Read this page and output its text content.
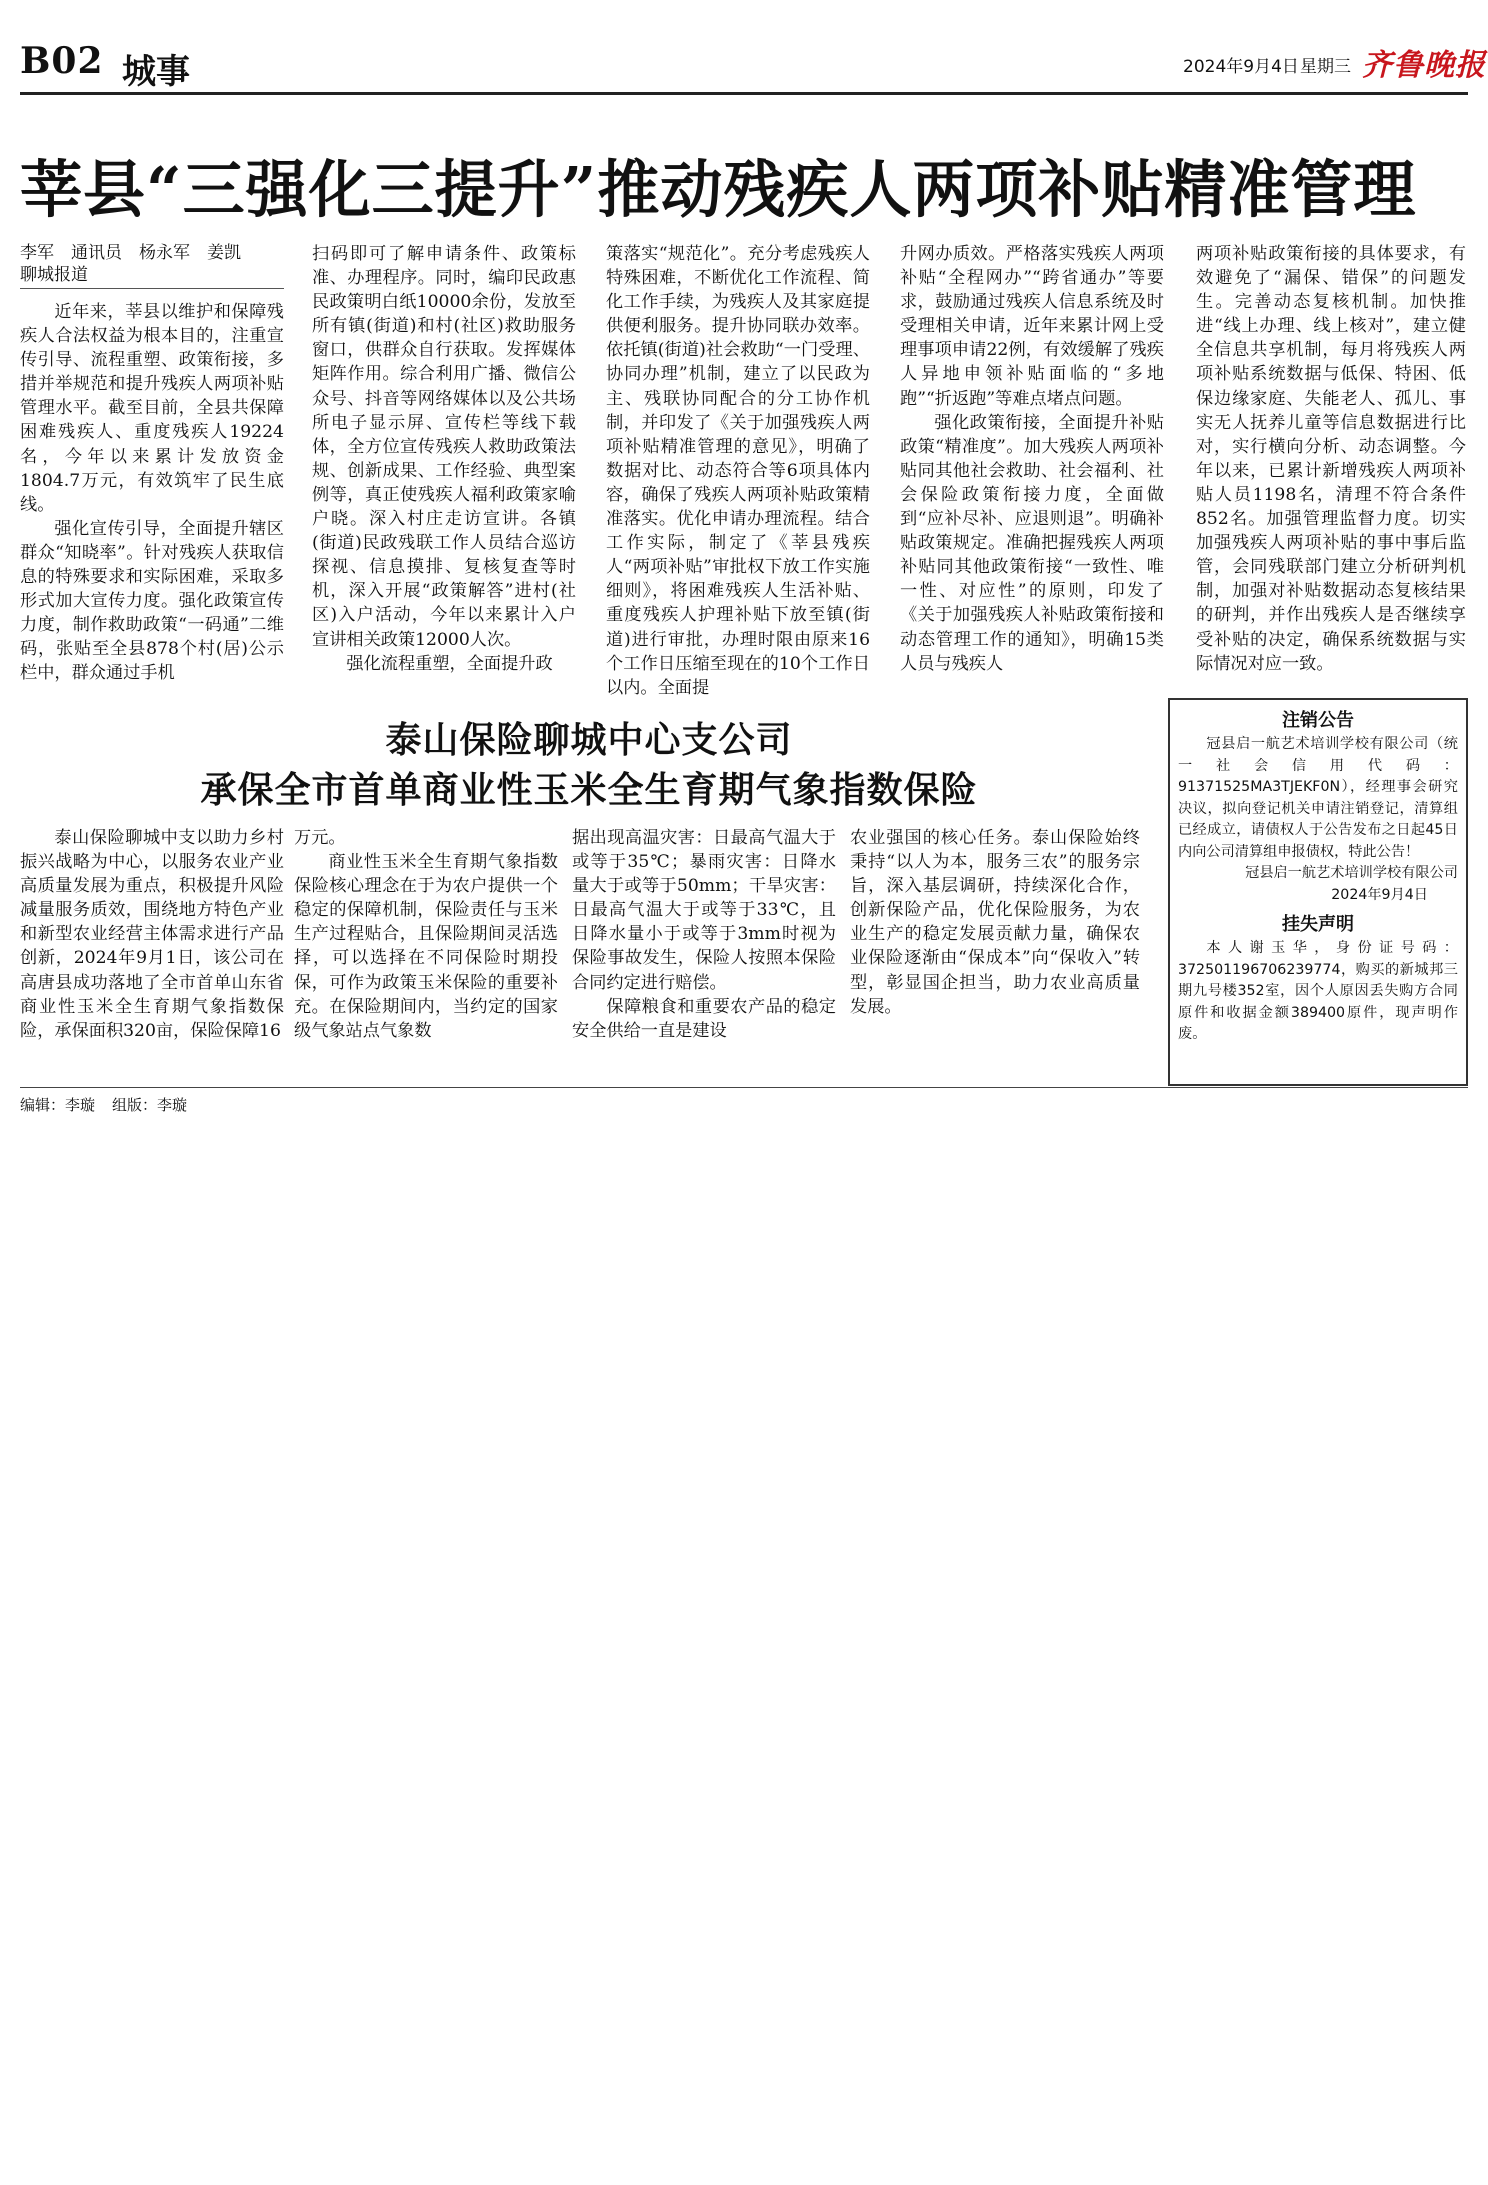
B02 城事	2024年9月4日 星期三 齐鲁晚报
莘县“三强化三提升”推动残疾人两项补贴精准管理
李军　通讯员　杨永军　姜凯
聊城报道

近年来，莘县以维护和保障残疾人合法权益为根本目的，注重宣传引导、流程重塑、政策衔接，多措并举规范和提升残疾人两项补贴管理水平。截至目前，全县共保障困难残疾人、重度残疾人19224名，今年以来累计发放资金1804.7万元，有效筑牢了民生底线。

强化宣传引导，全面提升辖区群众“知晓率”。针对残疾人获取信息的特殊要求和实际困难，采取多形式加大宣传力度。强化政策宣传力度，制作救助政策“一码通”二维码，张贴至全县878个村(居)公示栏中，群众通过手机

扫码即可了解申请条件、政策标准、办理程序。同时，编印民政惠民政策明白纸10000余份，发放至所有镇(街道)和村(社区)救助服务窗口，供群众自行获取。发挥媒体矩阵作用。综合利用广播、微信公众号、抖音等网络媒体以及公共场所电子显示屏、宣传栏等线下载体，全方位宣传残疾人救助政策法规、创新成果、工作经验、典型案例等，真正使残疾人福利政策家喻户晓。深入村庄走访宣讲。各镇(街道)民政残联工作人员结合巡访探视、信息摸排、复核复查等时机，深入开展“政策解答”进村(社区)入户活动，今年以来累计入户宣讲相关政策12000人次。

强化流程重塑，全面提升政

策落实“规范化”。充分考虑残疾人特殊困难，不断优化工作流程、简化工作手续，为残疾人及其家庭提供便利服务。提升协同联办效率。依托镇(街道)社会救助“一门受理、协同办理”机制，建立了以民政为主、残联协同配合的分工协作机制，并印发了《关于加强残疾人两项补贴精准管理的意见》，明确了数据对比、动态符合等6项具体内容，确保了残疾人两项补贴政策精准落实。优化申请办理流程。结合工作实际，制定了《莘县残疾人“两项补贴”审批权下放工作实施细则》，将困难残疾人生活补贴、重度残疾人护理补贴下放至镇(街道)进行审批，办理时限由原来16个工作日压缩至现在的10个工作日以内。全面提

升网办质效。严格落实残疾人两项补贴“全程网办”“跨省通办”等要求，鼓励通过残疾人信息系统及时受理相关申请，近年来累计网上受理事项申请22例，有效缓解了残疾人异地申领补贴面临的“多地跑”“折返跑”等难点堵点问题。

强化政策衔接，全面提升补贴政策“精准度”。加大残疾人两项补贴同其他社会救助、社会福利、社会保险政策衔接力度，全面做到“应补尽补、应退则退”。明确补贴政策规定。准确把握残疾人两项补贴同其他政策衔接“一致性、唯一性、对应性”的原则，印发了《关于加强残疾人补贴政策衔接和动态管理工作的通知》，明确15类人员与残疾人

两项补贴政策衔接的具体要求，有效避免了“漏保、错保”的问题发生。完善动态复核机制。加快推进“线上办理、线上核对”，建立健全信息共享机制，每月将残疾人两项补贴系统数据与低保、特困、低保边缘家庭、失能老人、孤儿、事实无人抚养儿童等信息数据进行比对，实行横向分析、动态调整。今年以来，已累计新增残疾人两项补贴人员1198名，清理不符合条件852名。加强管理监督力度。切实加强残疾人两项补贴的事中事后监管，会同残联部门建立分析研判机制，加强对补贴数据动态复核结果的研判，并作出残疾人是否继续享受补贴的决定，确保系统数据与实际情况对应一致。

泰山保险聊城中心支公司
承保全市首单商业性玉米全生育期气象指数保险

泰山保险聊城中支以助力乡村振兴战略为中心，以服务农业产业高质量发展为重点，积极提升风险减量服务质效，围绕地方特色产业和新型农业经营主体需求进行产品创新，2024年9月1日，该公司在高唐县成功落地了全市首单山东省商业性玉米全生育期气象指数保险，承保面积320亩，保险保障16

万元。

商业性玉米全生育期气象指数保险核心理念在于为农户提供一个稳定的保障机制，保险责任与玉米生产过程贴合，且保险期间灵活选择，可以选择在不同保险时期投保，可作为政策玉米保险的重要补充。在保险期间内，当约定的国家级气象站点气象数

据出现高温灾害：日最高气温大于或等于35℃；暴雨灾害：日降水量大于或等于50mm；干旱灾害：日最高气温大于或等于33℃，且日降水量小于或等于3mm时视为保险事故发生，保险人按照本保险合同约定进行赔偿。

保障粮食和重要农产品的稳定安全供给一直是建设

农业强国的核心任务。泰山保险始终秉持“以人为本，服务三农”的服务宗旨，深入基层调研，持续深化合作，创新保险产品，优化保险服务，为农业生产的稳定发展贡献力量，确保农业保险逐渐由“保成本”向“保收入”转型，彰显国企担当，助力农业高质量发展。

注销公告

冠县启一航艺术培训学校有限公司（统一社会信用代码：91371525MA3TJEKF0N），经理事会研究决议，拟向登记机关申请注销登记，清算组已经成立，请债权人于公告发布之日起45日内向公司清算组申报债权，特此公告！

冠县启一航艺术培训学校有限公司
2024年9月4日
挂失声明

本人谢玉华，身份证号码：372501196706239774，购买的新城邦三期九号楼352室，因个人原因丢失购方合同原件和收据金额389400原件，现声明作废。

编辑：李璇 组版：李璇
